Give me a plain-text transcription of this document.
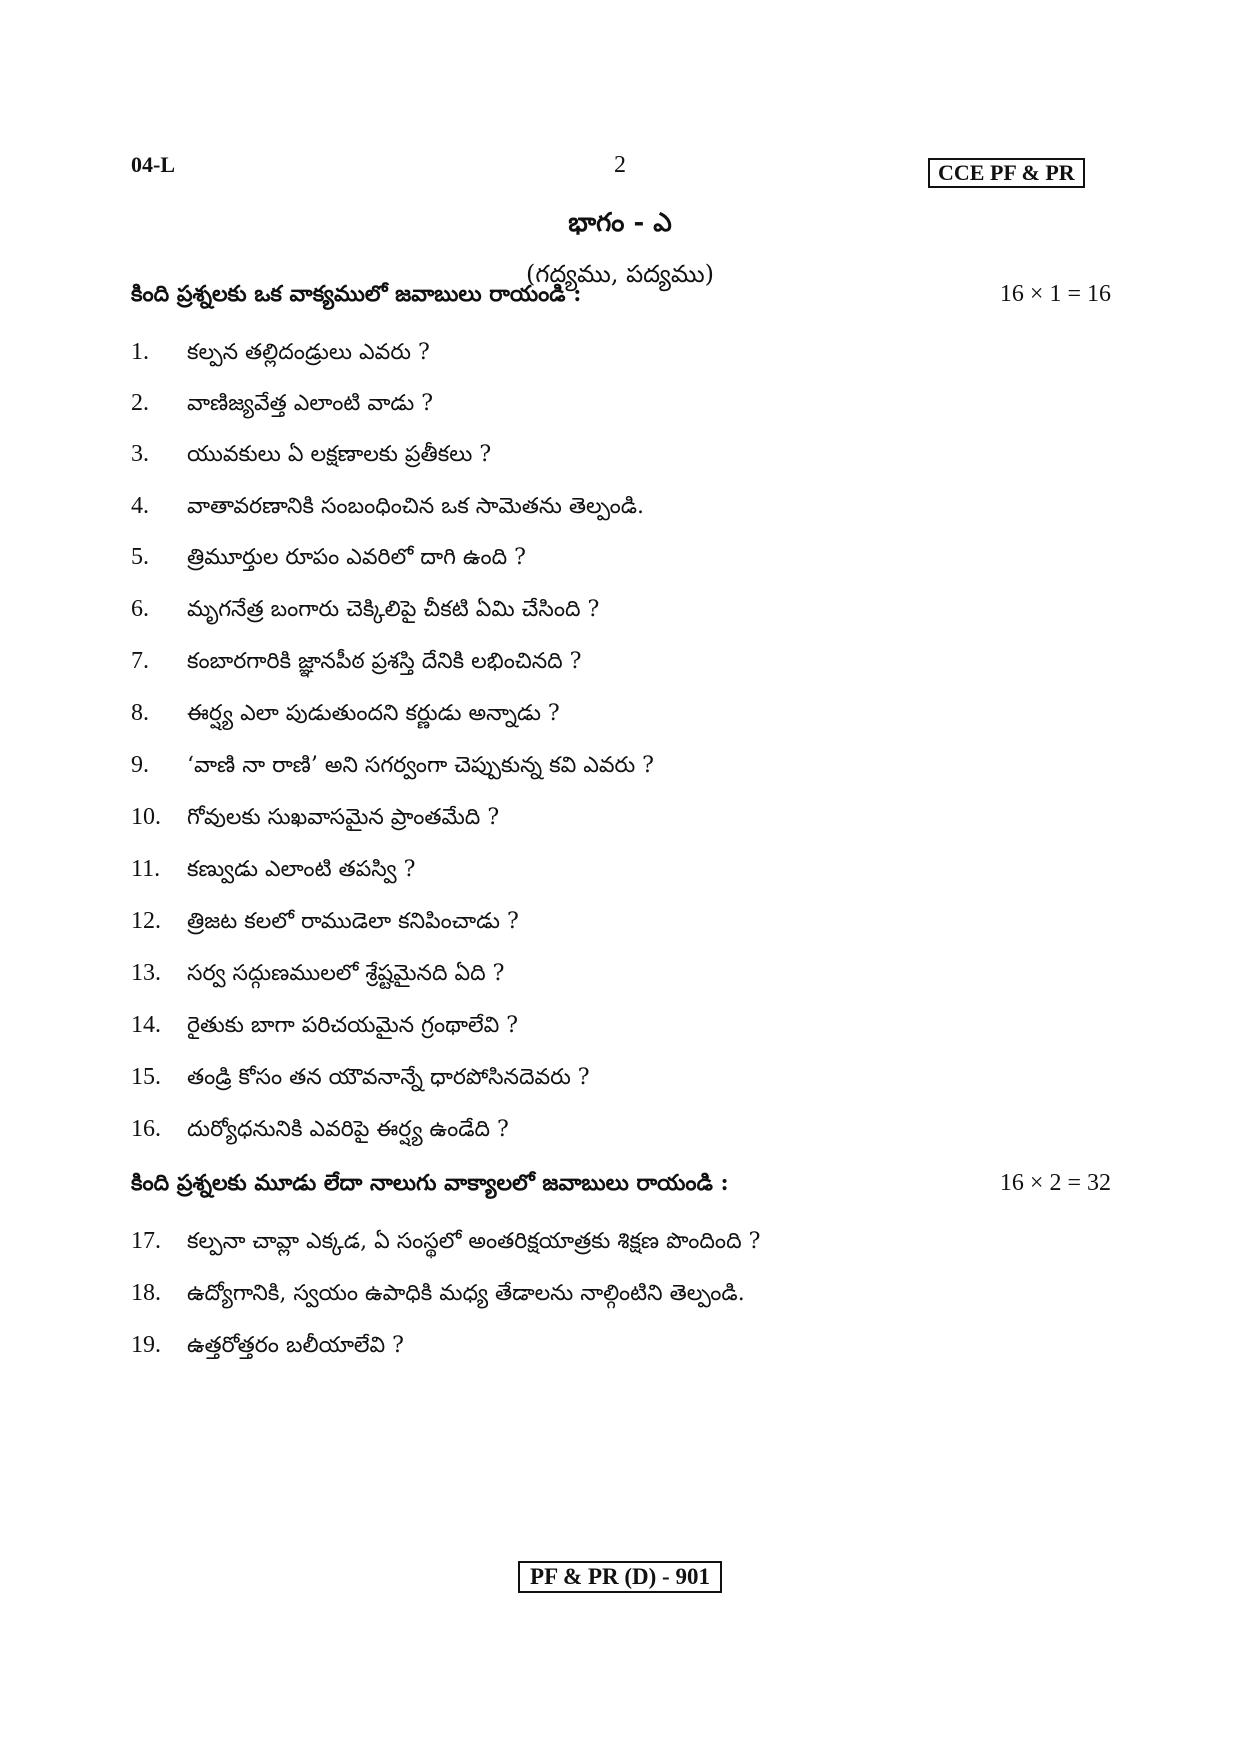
04-L	2	CCE PF & PR
భాగం - ఎ
(గద్యము, పద్యము)
కింది ప్రశ్నలకు ఒక వాక్యములో జవాబులు రాయండి :	16 × 1 = 16
1. కల్పన తల్లిదండ్రులు ఎవరు ?
2. వాణిజ్యవేత్త ఎలాంటి వాడు ?
3. యువకులు ఏ లక్షణాలకు ప్రతీకలు ?
4. వాతావరణానికి సంబంధించిన ఒక సామెతను తెల్పండి.
5. త్రిమూర్తుల రూపం ఎవరిలో దాగి ఉంది ?
6. మృగనేత్ర బంగారు చెక్కిలిపై చీకటి ఏమి చేసింది ?
7. కంబారగారికి జ్ఞానపీఠ ప్రశస్తి దేనికి లభించినది ?
8. ఈర్ష్య ఎలా పుడుతుందని కర్ణుడు అన్నాడు ?
9. ‘వాణి నా రాణి’ అని సగర్వంగా చెప్పుకున్న కవి ఎవరు ?
10. గోవులకు సుఖవాసమైన ప్రాంతమేది ?
11. కణ్వుడు ఎలాంటి తపస్వి ?
12. త్రిజట కలలో రాముడెలా కనిపించాడు ?
13. సర్వ సద్గుణములలో శ్రేష్టమైనది ఏది ?
14. రైతుకు బాగా పరిచయమైన గ్రంథాలేవి ?
15. తండ్రి కోసం తన యౌవనాన్నే ధారపోసినదెవరు ?
16. దుర్యోధనునికి ఎవరిపై ఈర్ష్య ఉండేది ?
కింది ప్రశ్నలకు మూడు లేదా నాలుగు వాక్యాలలో జవాబులు రాయండి :	16 × 2 = 32
17. కల్పనా చావ్లా ఎక్కడ, ఏ సంస్థలో అంతరిక్షయాత్రకు శిక్షణ పొందింది ?
18. ఉద్యోగానికి, స్వయం ఉపాధికి మధ్య తేడాలను నాల్గింటిని తెల్పండి.
19. ఉత్తరోత్తరం బలీయాలేవి ?
PF & PR (D) - 901
